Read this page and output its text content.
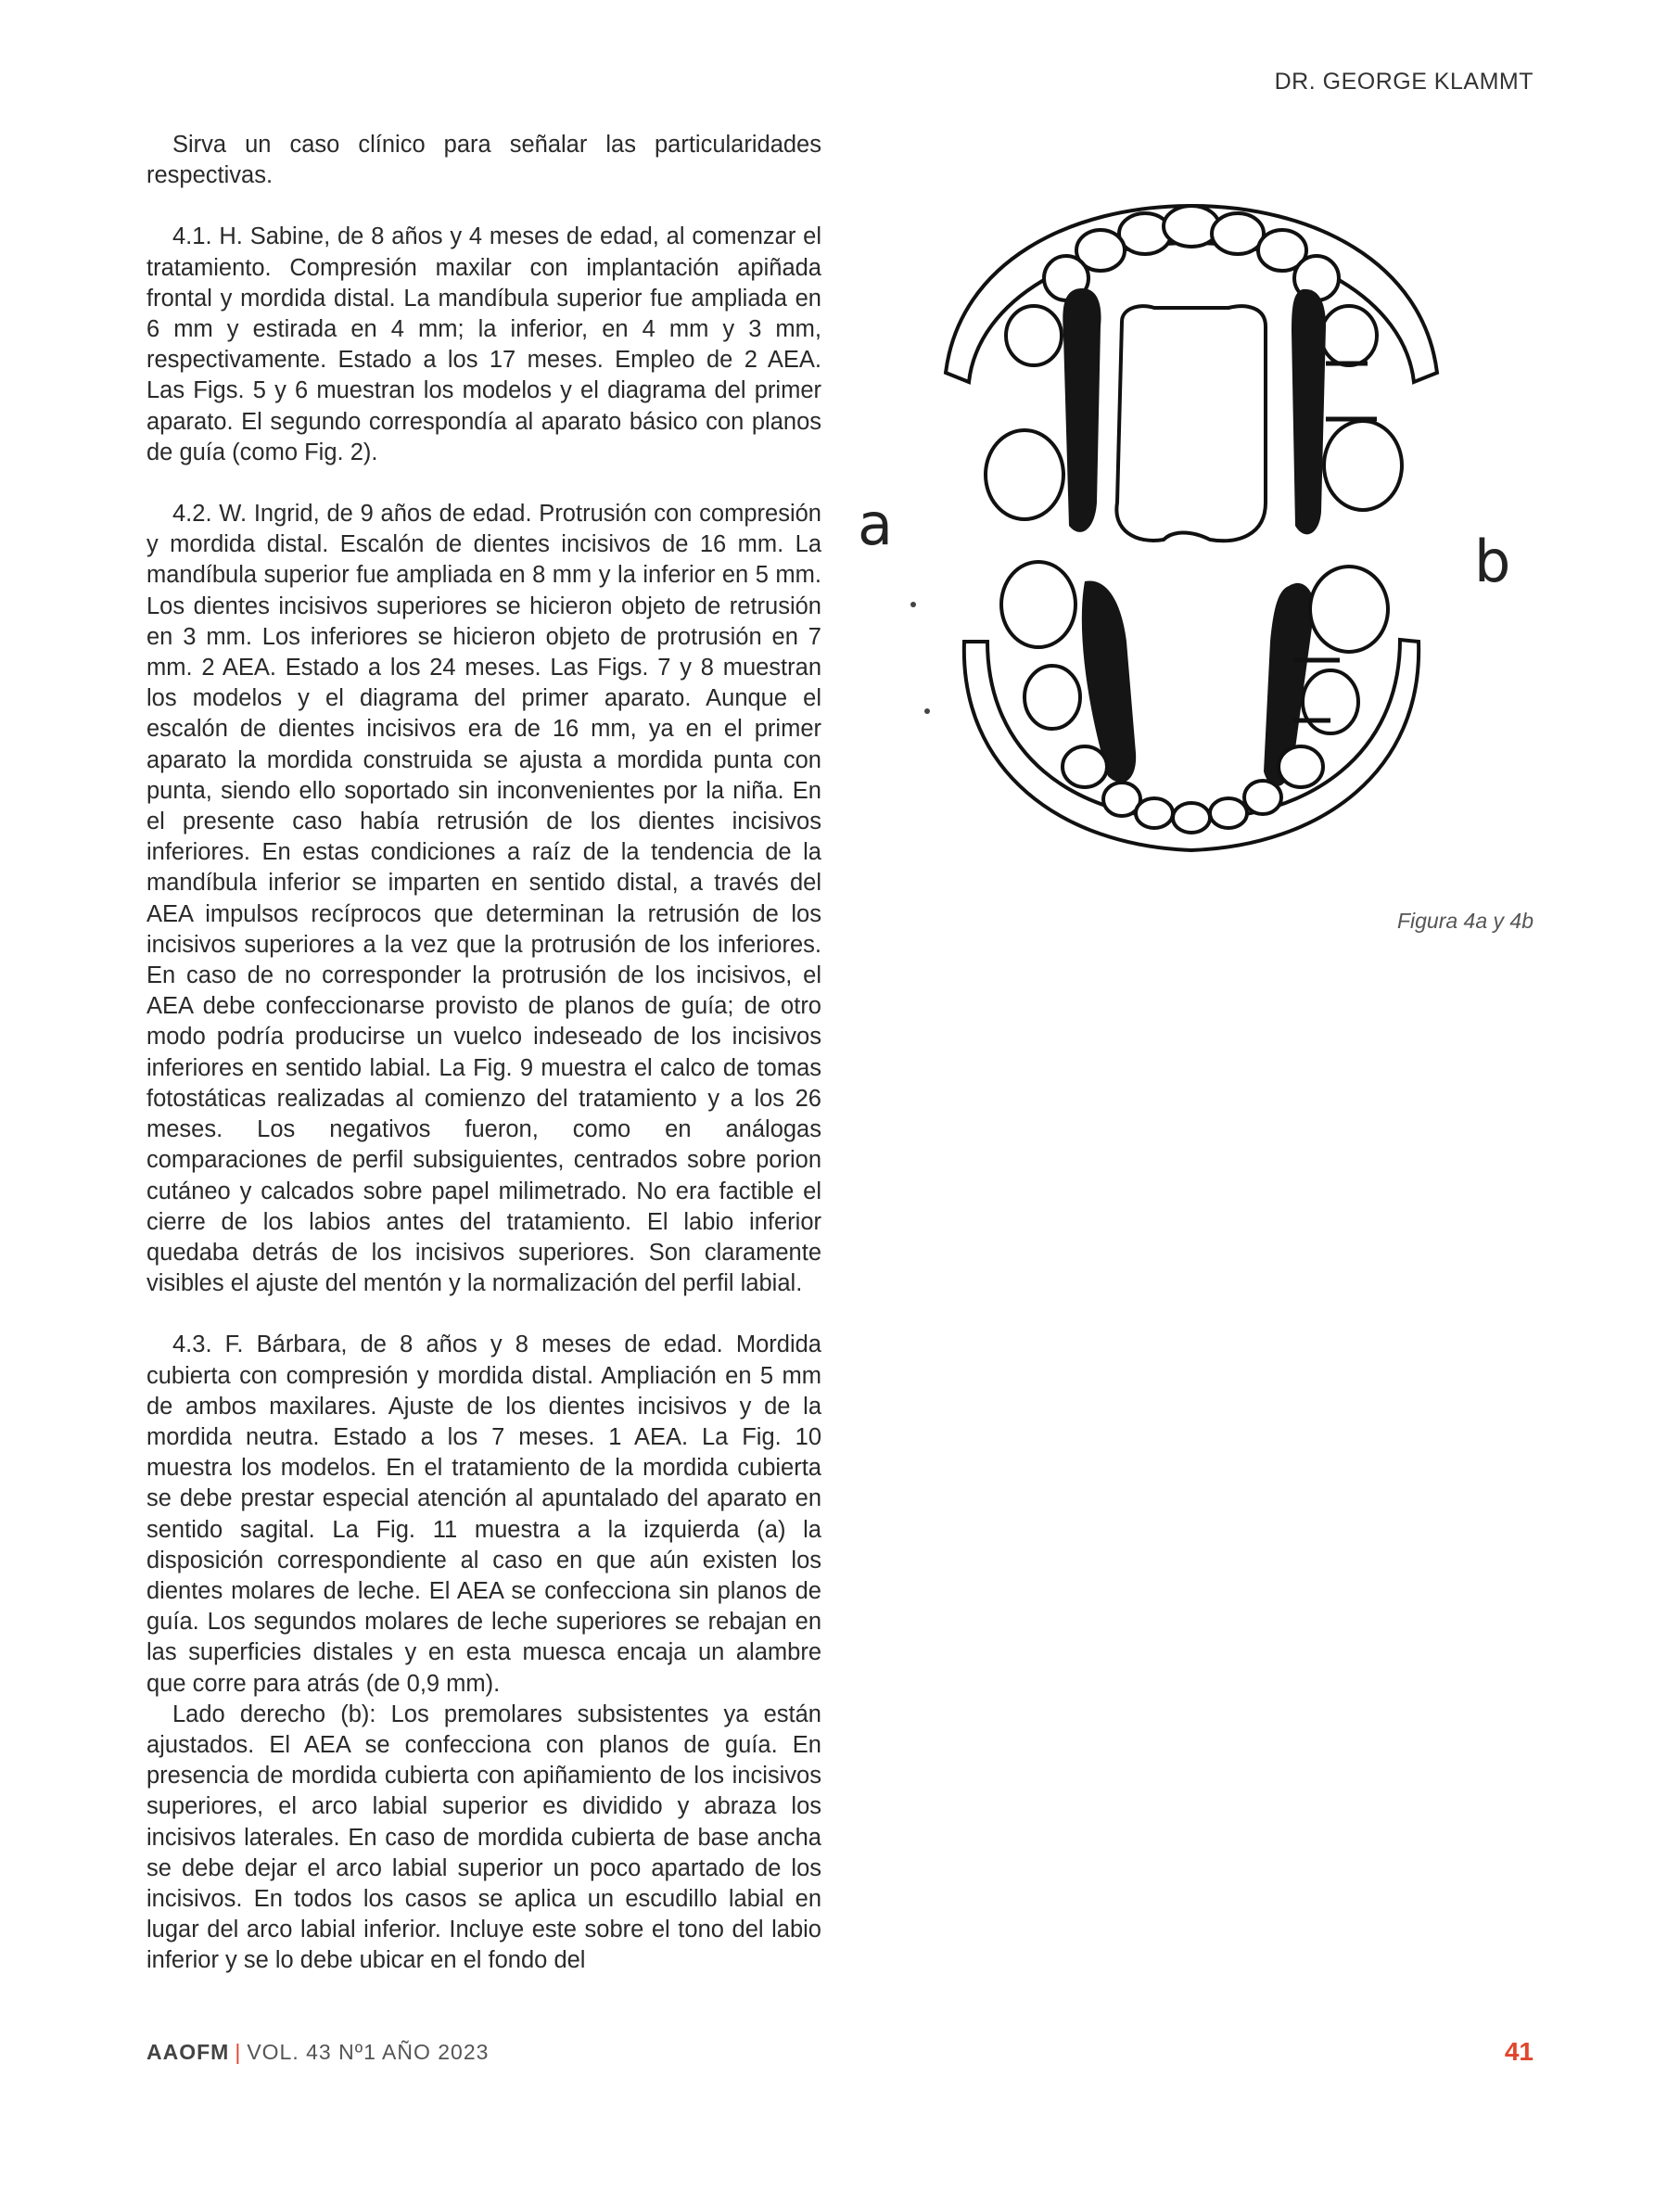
DR. GEORGE KLAMMT

Sirva un caso clínico para señalar las particularidades respectivas.

4.1. H. Sabine, de 8 años y 4 meses de edad, al comenzar el tratamiento. Compresión maxilar con implantación apiñada frontal y mordida distal. La mandíbula superior fue ampliada en 6 mm y estirada en 4 mm; la inferior, en 4 mm y 3 mm, respectivamente. Estado a los 17 meses. Empleo de 2 AEA. Las Figs. 5 y 6 muestran los modelos y el diagrama del primer aparato. El segundo correspondía al aparato básico con planos de guía (como Fig. 2).

4.2. W. Ingrid, de 9 años de edad. Protrusión con compresión y mordida distal. Escalón de dientes incisivos de 16 mm. La mandíbula superior fue ampliada en 8 mm y la inferior en 5 mm. Los dientes incisivos superiores se hicieron objeto de retrusión en 3 mm. Los inferiores se hicieron objeto de protrusión en 7 mm. 2 AEA. Estado a los 24 meses. Las Figs. 7 y 8 muestran los modelos y el diagrama del primer aparato. Aunque el escalón de dientes incisivos era de 16 mm, ya en el primer aparato la mordida construida se ajusta a mordida punta con punta, siendo ello soportado sin inconvenientes por la niña. En el presente caso había retrusión de los dientes incisivos inferiores. En estas condiciones a raíz de la tendencia de la mandíbula inferior se imparten en sentido distal, a través del AEA impulsos recíprocos que determinan la retrusión de los incisivos superiores a la vez que la protrusión de los inferiores. En caso de no corresponder la protrusión de los incisivos, el AEA debe confeccionarse provisto de planos de guía; de otro modo podría producirse un vuelco indeseado de los incisivos inferiores en sentido labial. La Fig. 9 muestra el calco de tomas fotostáticas realizadas al comienzo del tratamiento y a los 26 meses. Los negativos fueron, como en análogas comparaciones de perfil subsiguientes, centrados sobre porion cutáneo y calcados sobre papel milimetrado. No era factible el cierre de los labios antes del tratamiento. El labio inferior quedaba detrás de los incisivos superiores. Son claramente visibles el ajuste del mentón y la normalización del perfil labial.

4.3. F. Bárbara, de 8 años y 8 meses de edad. Mordida cubierta con compresión y mordida distal. Ampliación en 5 mm de ambos maxilares. Ajuste de los dientes incisivos y de la mordida neutra. Estado a los 7 meses. 1 AEA. La Fig. 10 muestra los modelos. En el tratamiento de la mordida cubierta se debe prestar especial atención al apuntalado del aparato en sentido sagital. La Fig. 11 muestra a la izquierda (a) la disposición correspondiente al caso en que aún existen los dientes molares de leche. El AEA se confecciona sin planos de guía. Los segundos molares de leche superiores se rebajan en las superficies distales y en esta muesca encaja un alambre que corre para atrás (de 0,9 mm).

Lado derecho (b): Los premolares subsistentes ya están ajustados. El AEA se confecciona con planos de guía. En presencia de mordida cubierta con apiñamiento de los incisivos superiores, el arco labial superior es dividido y abraza los incisivos laterales. En caso de mordida cubierta de base ancha se debe dejar el arco labial superior un poco apartado de los incisivos. En todos los casos se aplica un escudillo labial en lugar del arco labial inferior. Incluye este sobre el tono del labio inferior y se lo debe ubicar en el fondo del

a
b
Figura 4a y 4b
AAOFM | VOL. 43 Nº1 AÑO 2023	41
